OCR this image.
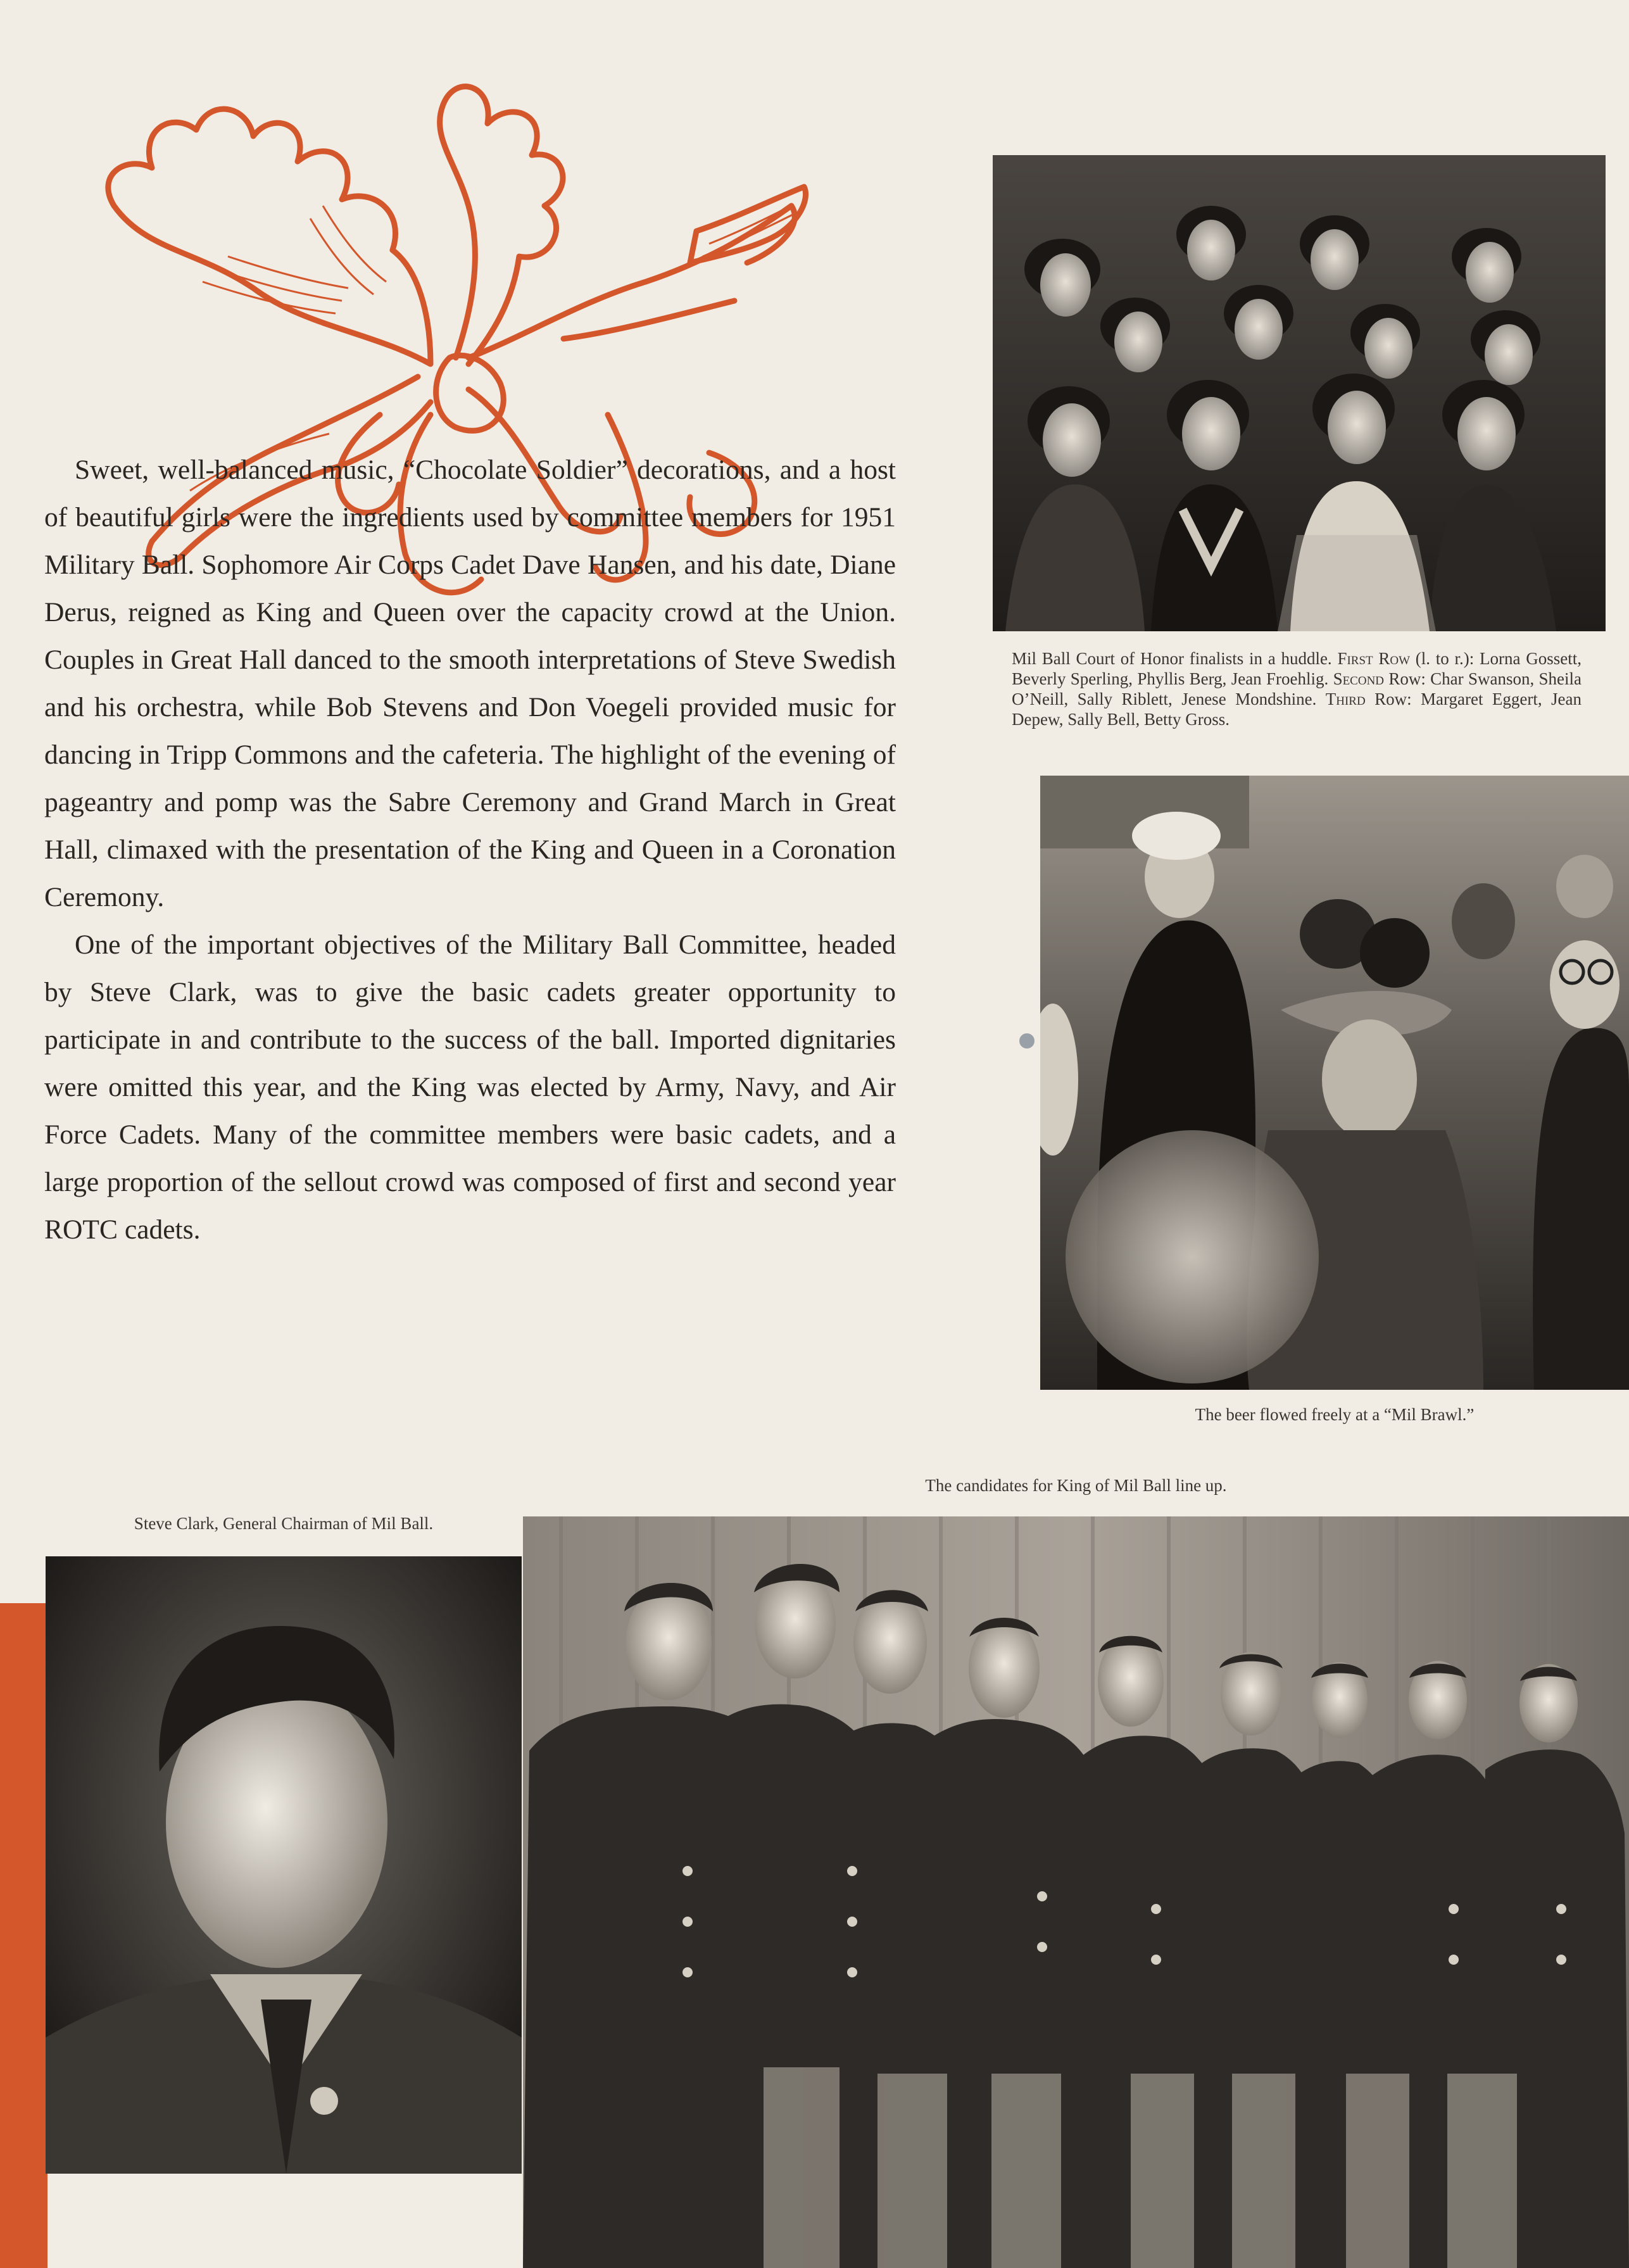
Sweet, well-balanced music, “Chocolate Soldier” decorations, and a host of beautiful girls were the ingredients used by committee members for 1951 Military Ball. Sophomore Air Corps Cadet Dave Hansen, and his date, Diane Derus, reigned as King and Queen over the capacity crowd at the Union. Couples in Great Hall danced to the smooth interpretations of Steve Swedish and his orchestra, while Bob Stevens and Don Voegeli provided music for dancing in Tripp Commons and the cafeteria. The highlight of the evening of pageantry and pomp was the Sabre Ceremony and Grand March in Great Hall, climaxed with the presentation of the King and Queen in a Coronation Ceremony.

One of the important objectives of the Military Ball Committee, headed by Steve Clark, was to give the basic cadets greater opportunity to participate in and contribute to the success of the ball. Imported dignitaries were omitted this year, and the King was elected by Army, Navy, and Air Force Cadets. Many of the committee members were basic cadets, and a large proportion of the sellout crowd was composed of first and second year ROTC cadets.

Mil Ball Court of Honor finalists in a huddle. First Row (l. to r.): Lorna Gossett, Beverly Sperling, Phyllis Berg, Jean Froehlig. Second Row: Char Swanson, Sheila O’Neill, Sally Riblett, Jenese Mondshine. Third Row: Margaret Eggert, Jean Depew, Sally Bell, Betty Gross.
The beer flowed freely at a “Mil Brawl.”
The candidates for King of Mil Ball line up.
Steve Clark, General Chairman of Mil Ball.
